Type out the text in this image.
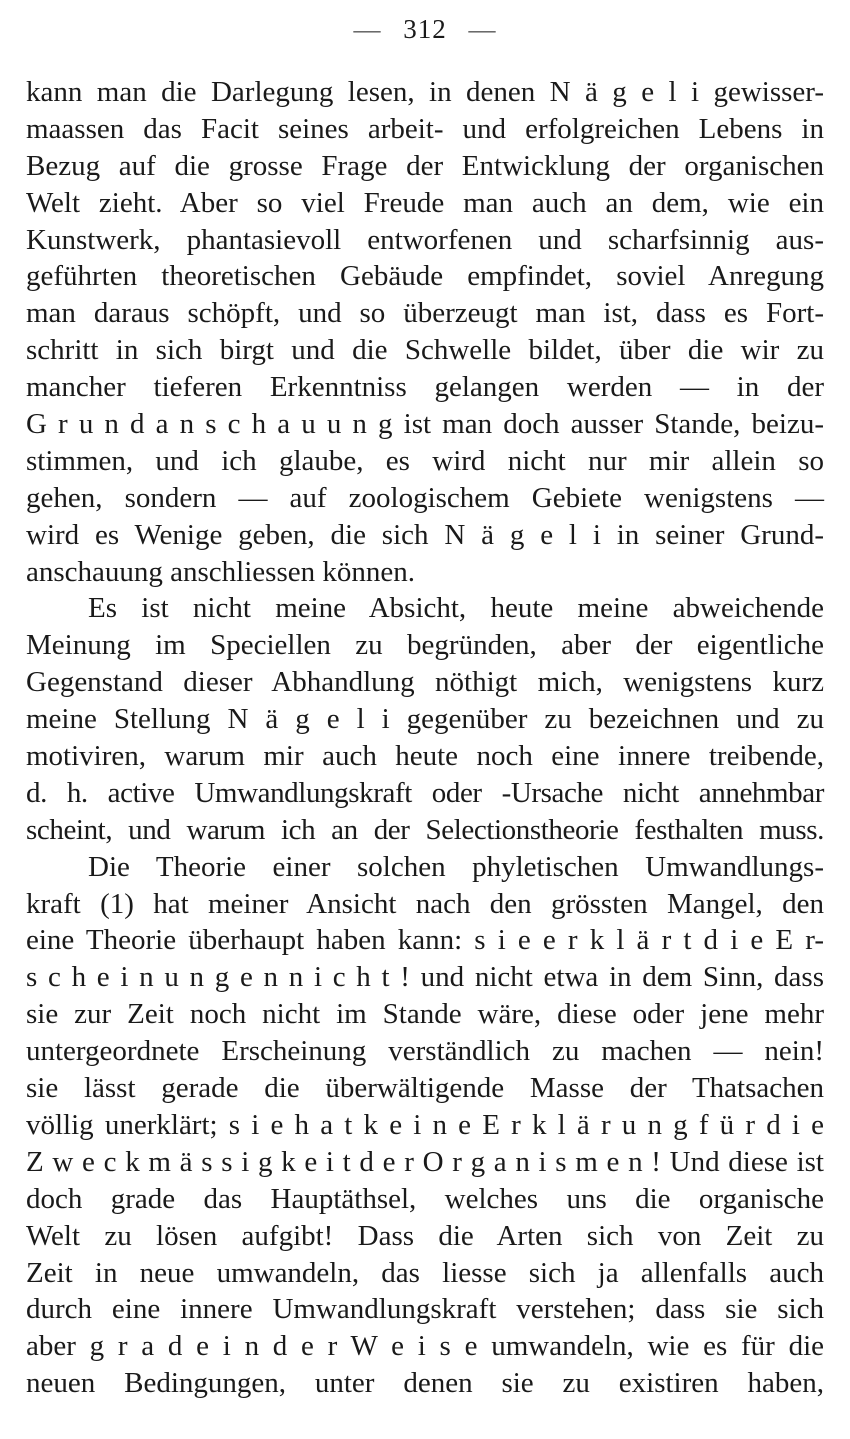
— 312 —
kann man die Darlegung lesen, in denen N ä g e l i gewisser-
maassen das Facit seines arbeit- und erfolgreichen Lebens in
Bezug auf die grosse Frage der Entwicklung der organischen
Welt zieht. Aber so viel Freude man auch an dem, wie ein
Kunstwerk, phantasievoll entworfenen und scharfsinnig aus-
geführten theoretischen Gebäude empfindet, soviel Anregung
man daraus schöpft, und so überzeugt man ist, dass es Fort-
schritt in sich birgt und die Schwelle bildet, über die wir zu
mancher tieferen Erkenntniss gelangen werden — in der
G r u n d a n s c h a u u n g ist man doch ausser Stande, beizu-
stimmen, und ich glaube, es wird nicht nur mir allein so
gehen, sondern — auf zoologischem Gebiete wenigstens —
wird es Wenige geben, die sich N ä g e l i in seiner Grund-
anschauung anschliessen können.
Es ist nicht meine Absicht, heute meine abweichende
Meinung im Speciellen zu begründen, aber der eigentliche
Gegenstand dieser Abhandlung nöthigt mich, wenigstens kurz
meine Stellung N ä g e l i gegenüber zu bezeichnen und zu
motiviren, warum mir auch heute noch eine innere treibende,
d. h. active Umwandlungskraft oder -Ursache nicht annehmbar
scheint, und warum ich an der Selectionstheorie festhalten muss.
Die Theorie einer solchen phyletischen Umwandlungs-
kraft (1) hat meiner Ansicht nach den grössten Mangel, den
eine Theorie überhaupt haben kann: s i e e r k l ä r t d i e E r-
s c h e i n u n g e n n i c h t ! und nicht etwa in dem Sinn, dass
sie zur Zeit noch nicht im Stande wäre, diese oder jene mehr
untergeordnete Erscheinung verständlich zu machen — nein!
sie lässt gerade die überwältigende Masse der Thatsachen
völlig unerklärt; s i e h a t k e i n e E r k l ä r u n g f ü r d i e
Z w e c k m ä s s i g k e i t d e r O r g a n i s m e n ! Und diese ist
doch grade das Hauptäthsel, welches uns die organische
Welt zu lösen aufgibt! Dass die Arten sich von Zeit zu
Zeit in neue umwandeln, das liesse sich ja allenfalls auch
durch eine innere Umwandlungskraft verstehen; dass sie sich
aber g r a d e i n d e r W e i s e umwandeln, wie es für die
neuen Bedingungen, unter denen sie zu existiren haben,
